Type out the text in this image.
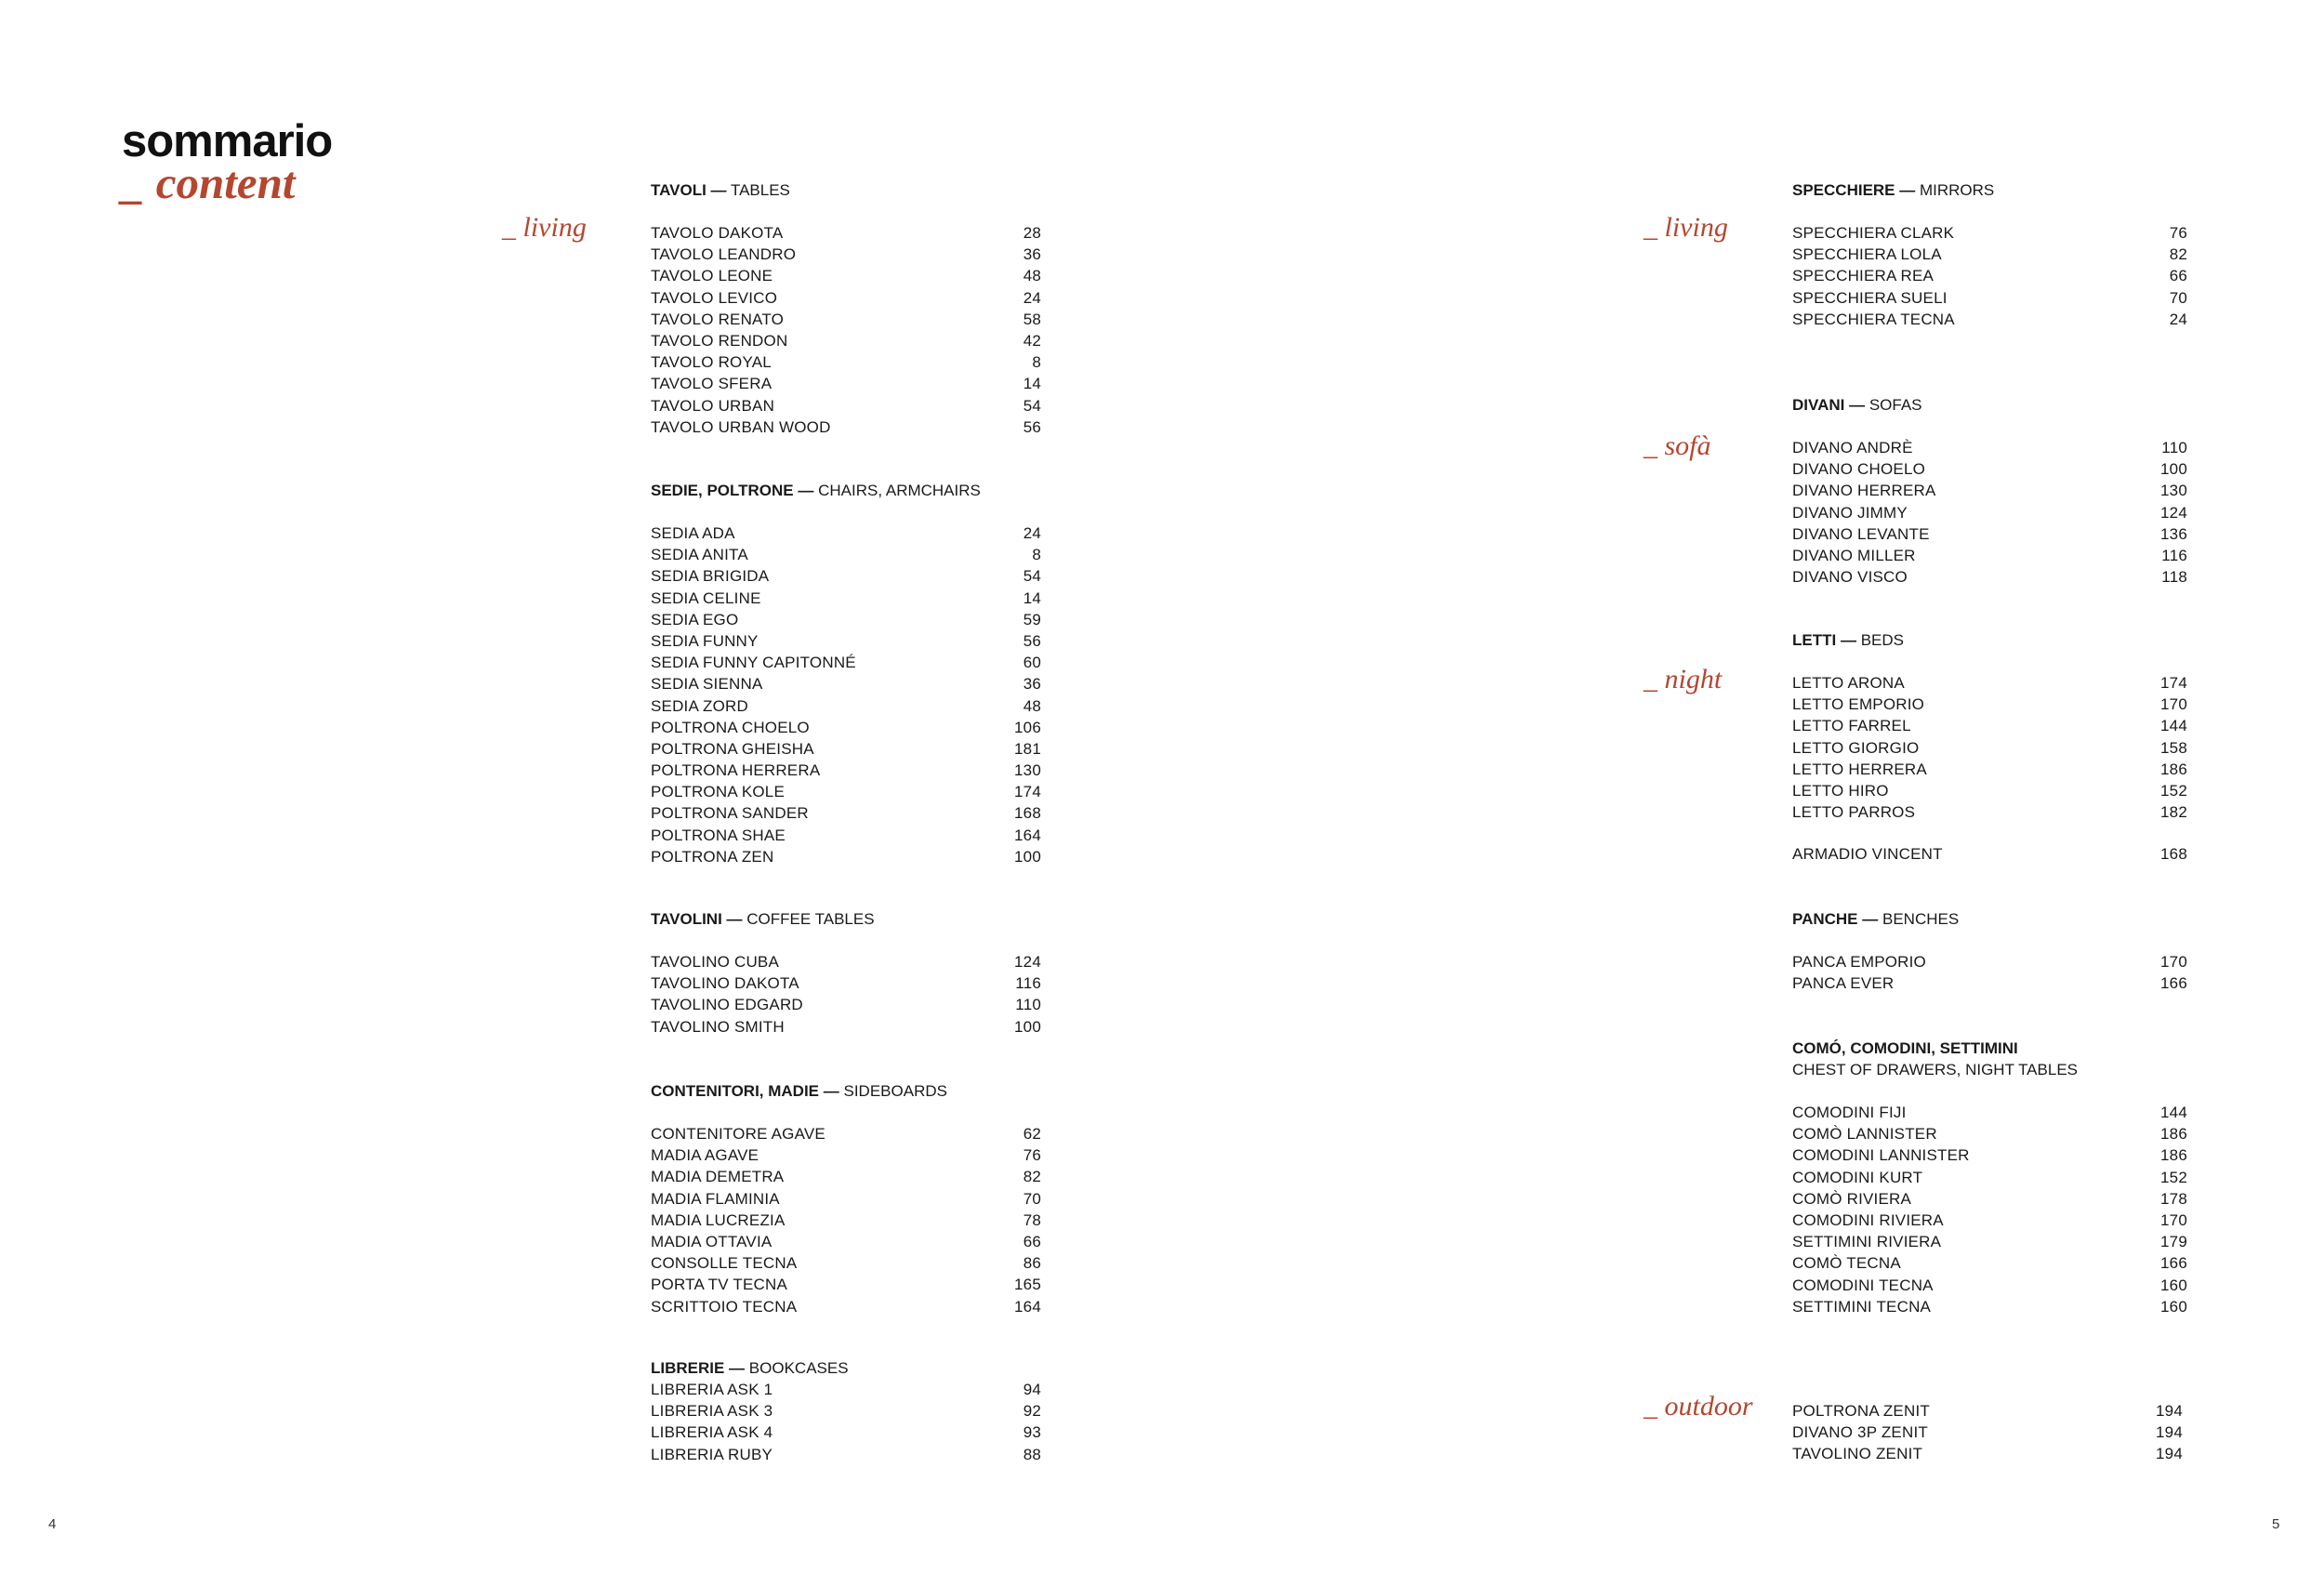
sommario
_ content

_ living	_ living

_ sofà

_ night

_ outdoor

TAVOLI — TABLES

TAVOLO DAKOTA	28
TAVOLO LEANDRO	36
TAVOLO LEONE	48
TAVOLO LEVICO	24
TAVOLO RENATO	58
TAVOLO RENDON	42
TAVOLO ROYAL	8
TAVOLO SFERA	14
TAVOLO URBAN	54
TAVOLO URBAN WOOD	56

SEDIE, POLTRONE — CHAIRS, ARMCHAIRS

SEDIA ADA	24
SEDIA ANITA	8
SEDIA BRIGIDA	54
SEDIA CELINE	14
SEDIA EGO	59
SEDIA FUNNY	56
SEDIA FUNNY CAPITONNÉ	60
SEDIA SIENNA	36
SEDIA ZORD	48
POLTRONA CHOELO	106
POLTRONA GHEISHA	181
POLTRONA HERRERA	130
POLTRONA KOLE	174
POLTRONA SANDER	168
POLTRONA SHAE	164
POLTRONA ZEN	100

TAVOLINI — COFFEE TABLES

TAVOLINO CUBA	124
TAVOLINO DAKOTA	116
TAVOLINO EDGARD	110
TAVOLINO SMITH	100

CONTENITORI, MADIE — SIDEBOARDS

CONTENITORE AGAVE	62
MADIA AGAVE	76
MADIA DEMETRA	82
MADIA FLAMINIA	70
MADIA LUCREZIA	78
MADIA OTTAVIA	66
CONSOLLE TECNA	86
PORTA TV TECNA	165
SCRITTOIO TECNA	164

LIBRERIE — BOOKCASES

LIBRERIA ASK 1	94
LIBRERIA ASK 3	92
LIBRERIA ASK 4	93
LIBRERIA RUBY	88

SPECCHIERE — MIRRORS

SPECCHIERA CLARK	76
SPECCHIERA LOLA	82
SPECCHIERA REA	66
SPECCHIERA SUELI	70
SPECCHIERA TECNA	24

DIVANI — SOFAS

DIVANO ANDRÈ	110
DIVANO CHOELO	100
DIVANO HERRERA	130
DIVANO JIMMY	124
DIVANO LEVANTE	136
DIVANO MILLER	116
DIVANO VISCO	118

LETTI — BEDS

LETTO ARONA	174
LETTO EMPORIO	170
LETTO FARREL	144
LETTO GIORGIO	158
LETTO HERRERA	186
LETTO HIRO	152
LETTO PARROS	182
ARMADIO VINCENT	168

PANCHE — BENCHES

PANCA EMPORIO	170
PANCA EVER	166

COMÓ, COMODINI, SETTIMINI

CHEST OF DRAWERS, NIGHT TABLES

COMODINI FIJI	144
COMÒ LANNISTER	186
COMODINI LANNISTER	186
COMODINI KURT	152
COMÒ RIVIERA	178
COMODINI RIVIERA	170
SETTIMINI RIVIERA	179
COMÒ TECNA	166
COMODINI TECNA	160
SETTIMINI TECNA	160
POLTRONA ZENIT	194
DIVANO 3P ZENIT	194
TAVOLINO ZENIT	194

4	5
